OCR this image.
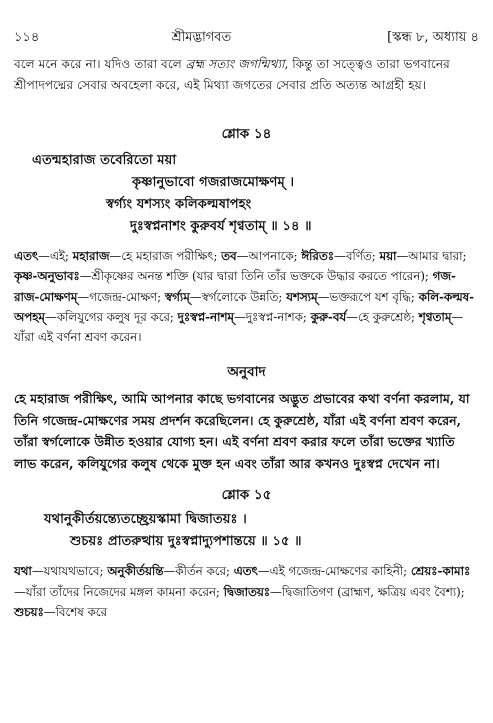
১১৪	শ্রীমদ্ভাগবত	[স্কন্ধ ৮, অধ্যায় ৪

বলে মনে করে না। যদিও তারা বলে ব্রহ্ম সত্যং জগন্মিথ্যা, কিন্তু তা সত্ত্বেও তারা ভগবানের শ্রীপাদপদ্মের সেবার অবহেলা করে, এই মিথ্যা জগতের সেবার প্রতি অত্যন্ত আগ্রহী হয়।

শ্লোক ১৪

এতন্মহারাজ তবেরিতো ময়া

কৃষ্ণানুভাবো গজরাজমোক্ষণম্ ।

স্বর্গ্যং যশস্যং কলিকল্মষাপহং

দুঃস্বপ্ননাশং কুরুবর্য শৃণ্বতাম্ ॥ ১৪ ॥

এতৎ—এই; মহারাজ—হে মহারাজ পরীক্ষিৎ; তব—আপনাকে; ঈরিতঃ—বর্ণিত; ময়া—আমার দ্বারা; কৃষ্ণ-অনুভাবঃ—শ্রীকৃষ্ণের অনন্ত শক্তি (যার দ্বারা তিনি তাঁর ভক্তকে উদ্ধার করতে পারেন); গজ-রাজ-মোক্ষণম্—গজেন্দ্র-মোক্ষণ; স্বর্গ্যম্—স্বর্গলোকে উন্নতি; যশস্যম্—ভক্তরূপে যশ বৃদ্ধি; কলি-কল্মষ-অপহম্—কলিযুগের কলুষ দূর করে; দুঃস্বপ্ন-নাশম্—দুঃস্বপ্ন-নাশক; কুরু-বর্য—হে কুরুশ্রেষ্ঠ; শৃণ্বতাম্—যাঁরা এই বর্ণনা শ্রবণ করেন।

অনুবাদ

হে মহারাজ পরীক্ষিৎ, আমি আপনার কাছে ভগবানের অদ্ভুত প্রভাবের কথা বর্ণনা করলাম, যা তিনি গজেন্দ্র-মোক্ষণের সময় প্রদর্শন করেছিলেন। হে কুরুশ্রেষ্ঠ, যাঁরা এই বর্ণনা শ্রবণ করেন, তাঁরা স্বর্গলোকে উন্নীত হওয়ার যোগ্য হন। এই বর্ণনা শ্রবণ করার ফলে তাঁরা ভক্তের খ্যাতি লাভ করেন, কলিযুগের কলুষ থেকে মুক্ত হন এবং তাঁরা আর কখনও দুঃস্বপ্ন দেখেন না।

শ্লোক ১৫

যথানুকীর্তয়ন্ত্যেতচ্ছ্রেয়স্কামা দ্বিজাতয়ঃ ।

শুচয়ঃ প্রাতরুত্থায় দুঃস্বপ্নাদ্যুপশান্তয়ে ॥ ১৫ ॥

যথা—যথাযথভাবে; অনুকীর্তয়ন্তি—কীর্তন করে; এতৎ—এই গজেন্দ্র-মোক্ষণের কাহিনী; শ্রেয়ঃ-কামাঃ—যাঁরা তাঁদের নিজেদের মঙ্গল কামনা করেন; দ্বিজাতয়ঃ—দ্বিজাতিগণ (ব্রাহ্মণ, ক্ষত্রিয় এবং বৈশ্য); শুচয়ঃ—বিশেষ করে
